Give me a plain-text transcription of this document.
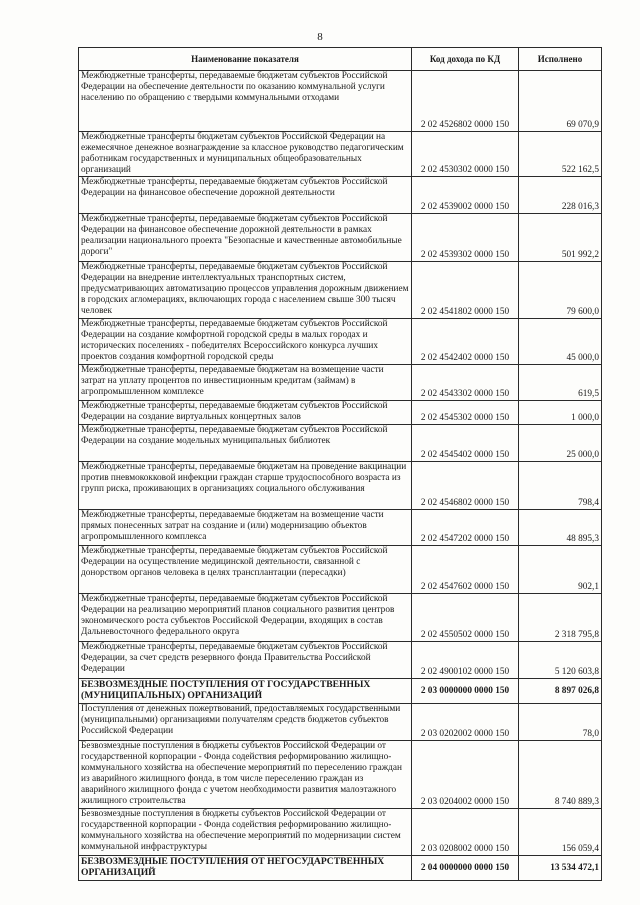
8
Наименование показателя	Код дохода по КД	Исполнено
Межбюджетные трансферты, передаваемые бюджетам субъектов Российской Федерации на обеспечение деятельности по оказанию коммунальной услуги населению по обращению с твердыми коммунальными отходами	2 02 4526802 0000 150	69 070,9
Межбюджетные трансферты бюджетам субъектов Российской Федерации на ежемесячное денежное вознаграждение за классное руководство педагогическим работникам государственных и муниципальных общеобразовательных организаций	2 02 4530302 0000 150	522 162,5
Межбюджетные трансферты, передаваемые бюджетам субъектов Российской Федерации на финансовое обеспечение дорожной деятельности	2 02 4539002 0000 150	228 016,3
Межбюджетные трансферты, передаваемые бюджетам субъектов Российской Федерации на финансовое обеспечение дорожной деятельности в рамках реализации национального проекта "Безопасные и качественные автомобильные дороги"	2 02 4539302 0000 150	501 992,2
Межбюджетные трансферты, передаваемые бюджетам субъектов Российской Федерации на внедрение интеллектуальных транспортных систем, предусматривающих автоматизацию процессов управления дорожным движением в городских агломерациях, включающих города с населением свыше 300 тысяч человек	2 02 4541802 0000 150	79 600,0
Межбюджетные трансферты, передаваемые бюджетам субъектов Российской Федерации на создание комфортной городской среды в малых городах и исторических поселениях - победителях Всероссийского конкурса лучших проектов создания комфортной городской среды	2 02 4542402 0000 150	45 000,0
Межбюджетные трансферты, передаваемые бюджетам на возмещение части затрат на уплату процентов по инвестиционным кредитам (займам) в агропромышленном комплексе	2 02 4543302 0000 150	619,5
Межбюджетные трансферты, передаваемые бюджетам субъектов Российской Федерации на создание виртуальных концертных залов	2 02 4545302 0000 150	1 000,0
Межбюджетные трансферты, передаваемые бюджетам субъектов Российской Федерации на создание модельных муниципальных библиотек	2 02 4545402 0000 150	25 000,0
Межбюджетные трансферты, передаваемые бюджетам на проведение вакцинации против пневмококковой инфекции граждан старше трудоспособного возраста из групп риска, проживающих в организациях социального обслуживания	2 02 4546802 0000 150	798,4
Межбюджетные трансферты, передаваемые бюджетам на возмещение части прямых понесенных затрат на создание и (или) модернизацию объектов агропромышленного комплекса	2 02 4547202 0000 150	48 895,3
Межбюджетные трансферты, передаваемые бюджетам субъектов Российской Федерации на осуществление медицинской деятельности, связанной с донорством органов человека в целях трансплантации (пересадки)	2 02 4547602 0000 150	902,1
Межбюджетные трансферты, передаваемые бюджетам субъектов Российской Федерации на реализацию мероприятий планов социального развития центров экономического роста субъектов Российской Федерации, входящих в состав Дальневосточного федерального округа	2 02 4550502 0000 150	2 318 795,8
Межбюджетные трансферты, передаваемые бюджетам субъектов Российской Федерации, за счет средств резервного фонда Правительства Российской Федерации	2 02 4900102 0000 150	5 120 603,8
БЕЗВОЗМЕЗДНЫЕ ПОСТУПЛЕНИЯ ОТ ГОСУДАРСТВЕННЫХ (МУНИЦИПАЛЬНЫХ) ОРГАНИЗАЦИЙ	2 03 0000000 0000 150	8 897 026,8
Поступления от денежных пожертвований, предоставляемых государственными (муниципальными) организациями получателям средств бюджетов субъектов Российской Федерации	2 03 0202002 0000 150	78,0
Безвозмездные поступления в бюджеты субъектов Российской Федерации от государственной корпорации - Фонда содействия реформированию жилищно-коммунального хозяйства на обеспечение мероприятий по переселению граждан из аварийного жилищного фонда, в том числе переселению граждан из аварийного жилищного фонда с учетом необходимости развития малоэтажного жилищного строительства	2 03 0204002 0000 150	8 740 889,3
Безвозмездные поступления в бюджеты субъектов Российской Федерации от государственной корпорации - Фонда содействия реформированию жилищно-коммунального хозяйства на обеспечение мероприятий по модернизации систем коммунальной инфраструктуры	2 03 0208002 0000 150	156 059,4
БЕЗВОЗМЕЗДНЫЕ ПОСТУПЛЕНИЯ ОТ НЕГОСУДАРСТВЕННЫХ ОРГАНИЗАЦИЙ	2 04 0000000 0000 150	13 534 472,1
